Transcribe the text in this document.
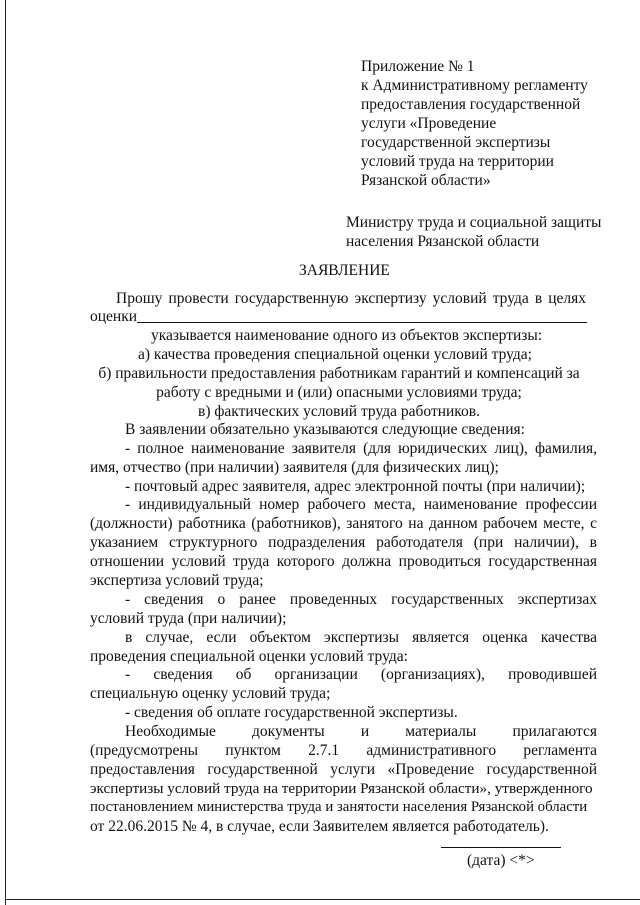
Приложение № 1
к Административному регламенту
предоставления государственной
услуги «Проведение
государственной экспертизы
условий труда на территории
Рязанской области»
Министру труда и социальной защиты
населения Рязанской области
ЗАЯВЛЕНИЕ
Прошу провести государственную экспертизу условий труда в целях
оценки
указывается наименование одного из объектов экспертизы:
а) качества проведения специальной оценки условий труда;
б) правильности предоставления работникам гарантий и компенсаций за
работу с вредными и (или) опасными условиями труда;
в) фактических условий труда работников.
В заявлении обязательно указываются следующие сведения:
- полное наименование заявителя (для юридических лиц), фамилия,
имя, отчество (при наличии) заявителя (для физических лиц);
- почтовый адрес заявителя, адрес электронной почты (при наличии);
- индивидуальный номер рабочего места, наименование профессии
(должности) работника (работников), занятого на данном рабочем месте, с
указанием структурного подразделения работодателя (при наличии), в
отношении условий труда которого должна проводиться государственная
экспертиза условий труда;
- сведения о ранее проведенных государственных экспертизах
условий труда (при наличии);
в случае, если объектом экспертизы является оценка качества
проведения специальной оценки условий труда:
- сведения об организации (организациях), проводившей
специальную оценку условий труда;
- сведения об оплате государственной экспертизы.
Необходимые документы и материалы прилагаются
(предусмотрены пунктом 2.7.1 административного регламента
предоставления государственной услуги «Проведение государственной
экспертизы условий труда на территории Рязанской области», утвержденного
постановлением министерства труда и занятости населения Рязанской области
от 22.06.2015 № 4, в случае, если Заявителем является работодатель).
(дата) <*>
